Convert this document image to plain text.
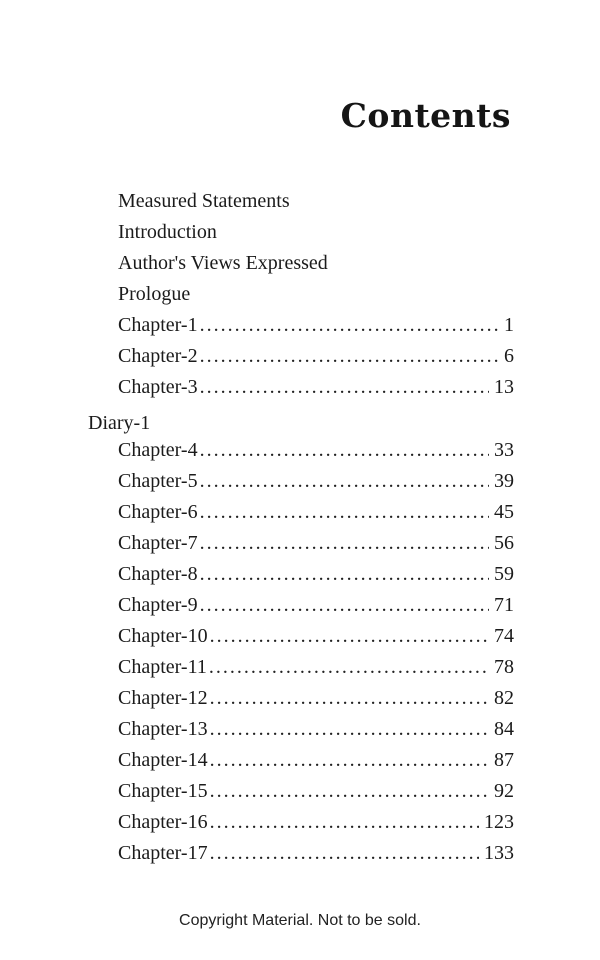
Contents
Measured Statements
Introduction
Author's Views Expressed
Prologue
Chapter-1 .....	1
Chapter-2 .....	6
Chapter-3 .....	13
Diary-1
Chapter-4 .....	33
Chapter-5 .....	39
Chapter-6 .....	45
Chapter-7 .....	56
Chapter-8 .....	59
Chapter-9 .....	71
Chapter-10 .....	74
Chapter-11 .....	78
Chapter-12 .....	82
Chapter-13 .....	84
Chapter-14 .....	87
Chapter-15 .....	92
Chapter-16 .....	123
Chapter-17 .....	133
Copyright Material. Not to be sold.
